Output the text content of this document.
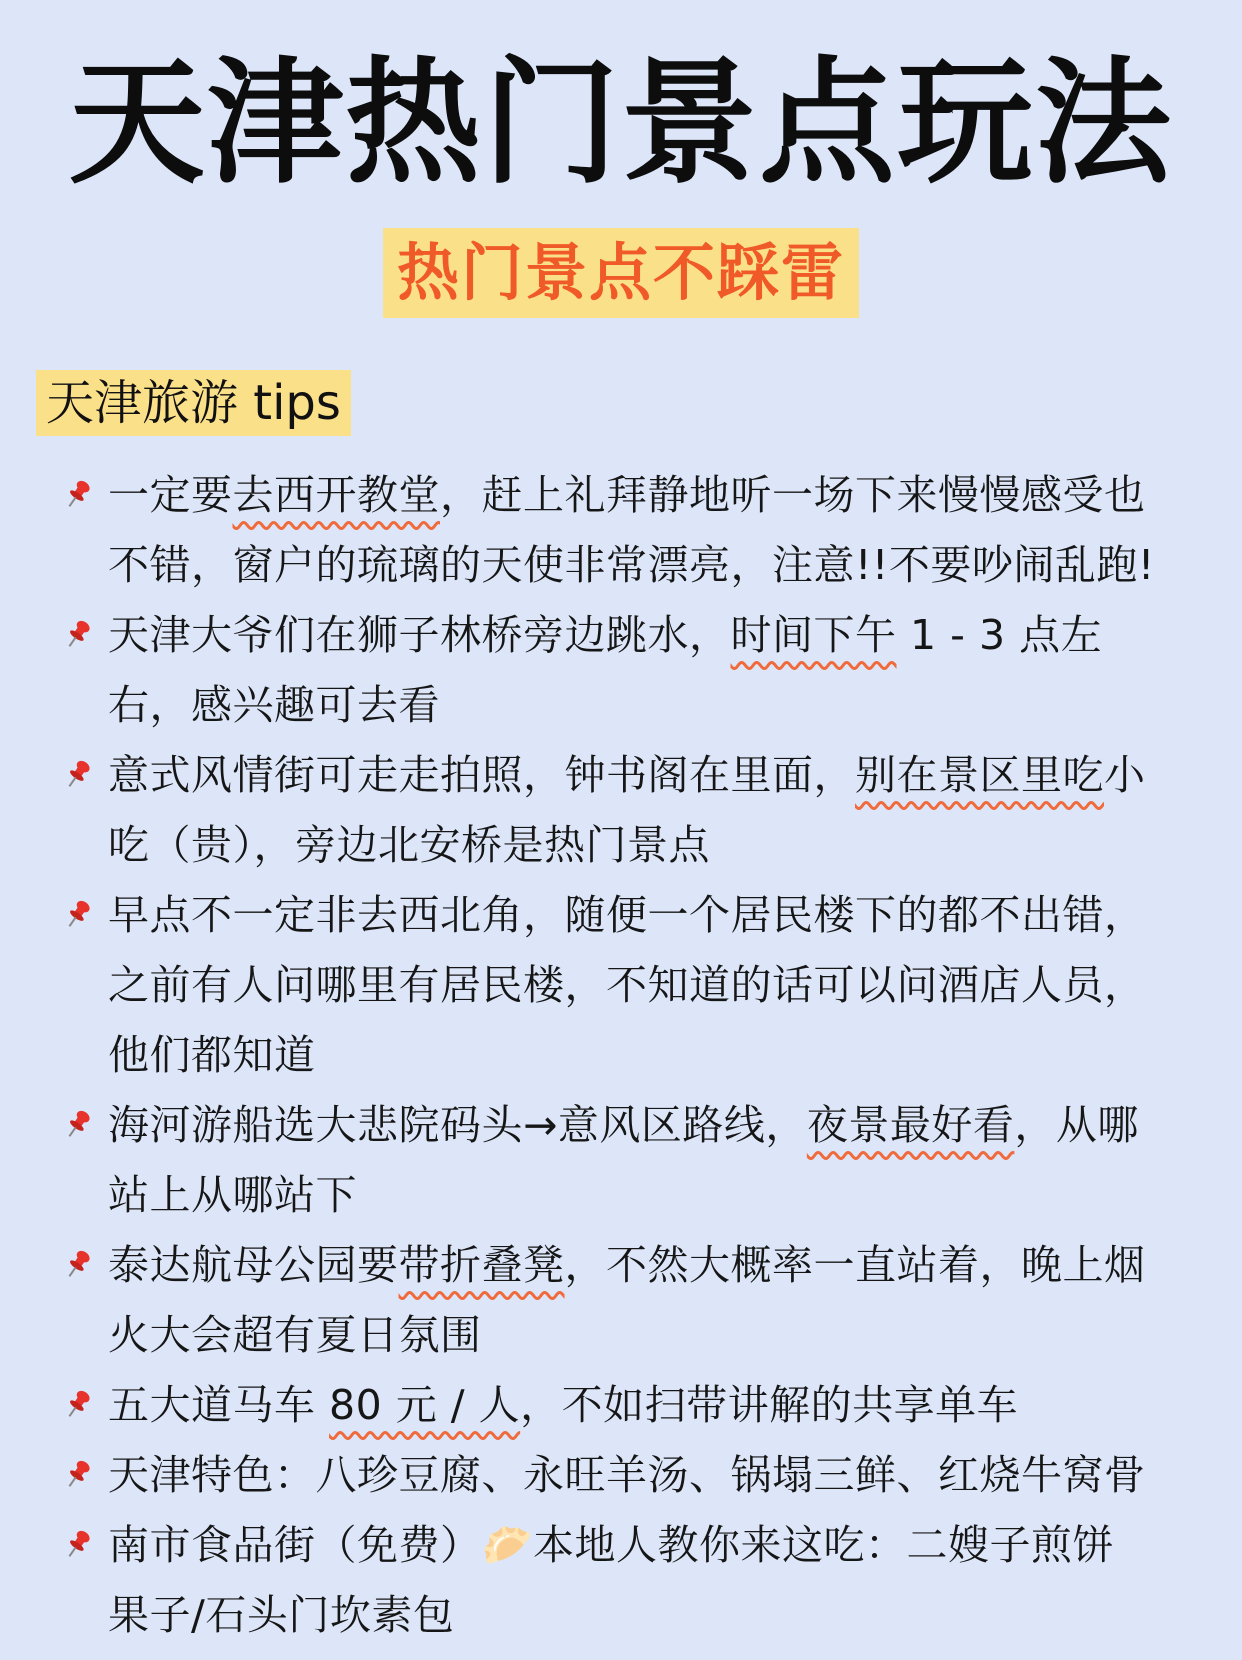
天津热门景点玩法
热门景点不踩雷
天津旅游 tips
一定要去西开教堂，赶上礼拜静地听一场下来慢慢感受也
不错，窗户的琉璃的天使非常漂亮，注意!!不要吵闹乱跑!
天津大爷们在狮子林桥旁边跳水，时间下午 1 - 3 点左
右，感兴趣可去看
意式风情街可走走拍照，钟书阁在里面，别在景区里吃小
吃（贵），旁边北安桥是热门景点
早点不一定非去西北角，随便一个居民楼下的都不出错，
之前有人问哪里有居民楼，不知道的话可以问酒店人员，
他们都知道
海河游船选大悲院码头→意风区路线，夜景最好看，从哪
站上从哪站下
泰达航母公园要带折叠凳，不然大概率一直站着，晚上烟
火大会超有夏日氛围
五大道马车 80 元 / 人，不如扫带讲解的共享单车
天津特色：八珍豆腐、永旺羊汤、锅塌三鲜、红烧牛窝骨
南市食品街（免费）🥟本地人教你来这吃：二嫂子煎饼
果子/石头门坎素包
